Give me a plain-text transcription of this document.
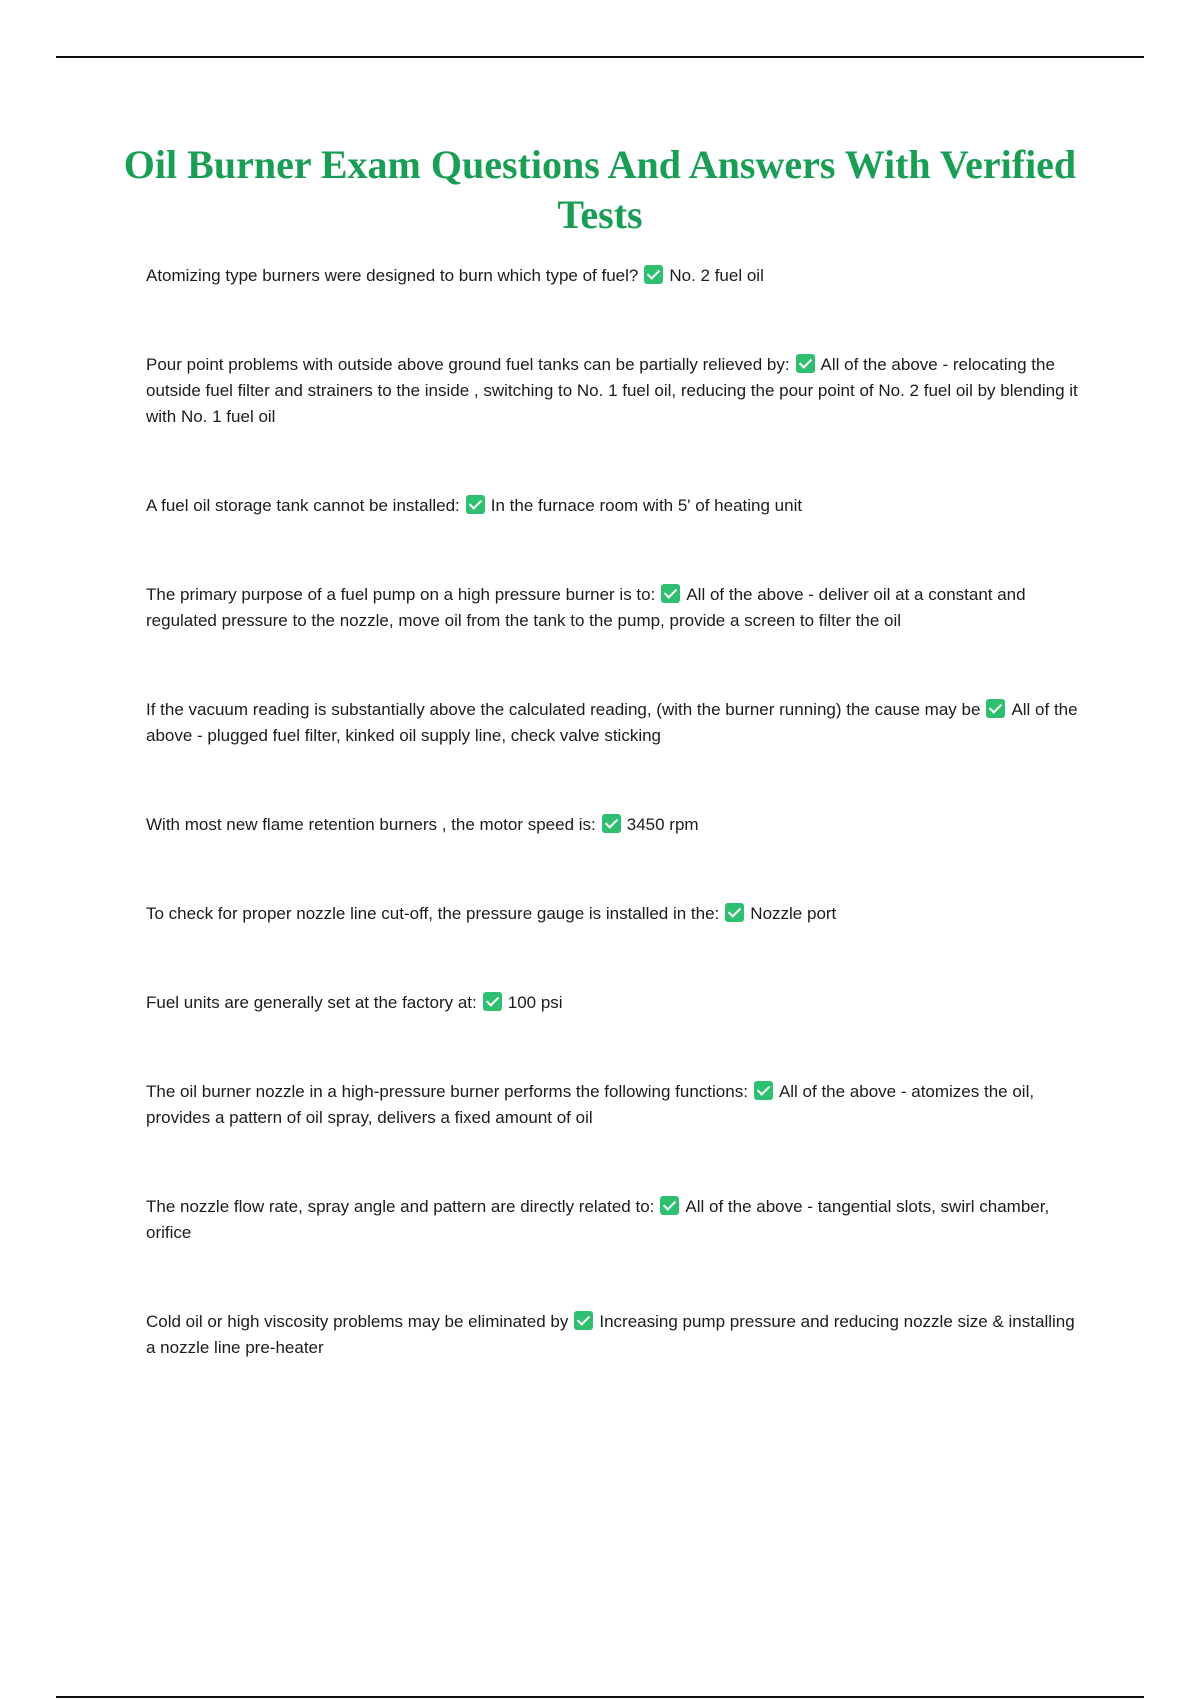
Oil Burner Exam Questions And Answers With Verified Tests
Atomizing type burners were designed to burn which type of fuel? No. 2 fuel oil
Pour point problems with outside above ground fuel tanks can be partially relieved by: All of the above - relocating the outside fuel filter and strainers to the inside , switching to No. 1 fuel oil, reducing the pour point of No. 2 fuel oil by blending it with No. 1 fuel oil
A fuel oil storage tank cannot be installed: In the furnace room with 5' of heating unit
The primary purpose of a fuel pump on a high pressure burner is to: All of the above - deliver oil at a constant and regulated pressure to the nozzle, move oil from the tank to the pump, provide a screen to filter the oil
If the vacuum reading is substantially above the calculated reading, (with the burner running) the cause may be All of the above - plugged fuel filter, kinked oil supply line, check valve sticking
With most new flame retention burners , the motor speed is: 3450 rpm
To check for proper nozzle line cut-off, the pressure gauge is installed in the: Nozzle port
Fuel units are generally set at the factory at: 100 psi
The oil burner nozzle in a high-pressure burner performs the following functions: All of the above - atomizes the oil, provides a pattern of oil spray, delivers a fixed amount of oil
The nozzle flow rate, spray angle and pattern are directly related to: All of the above - tangential slots, swirl chamber, orifice
Cold oil or high viscosity problems may be eliminated by Increasing pump pressure and reducing nozzle size & installing a nozzle line pre-heater
